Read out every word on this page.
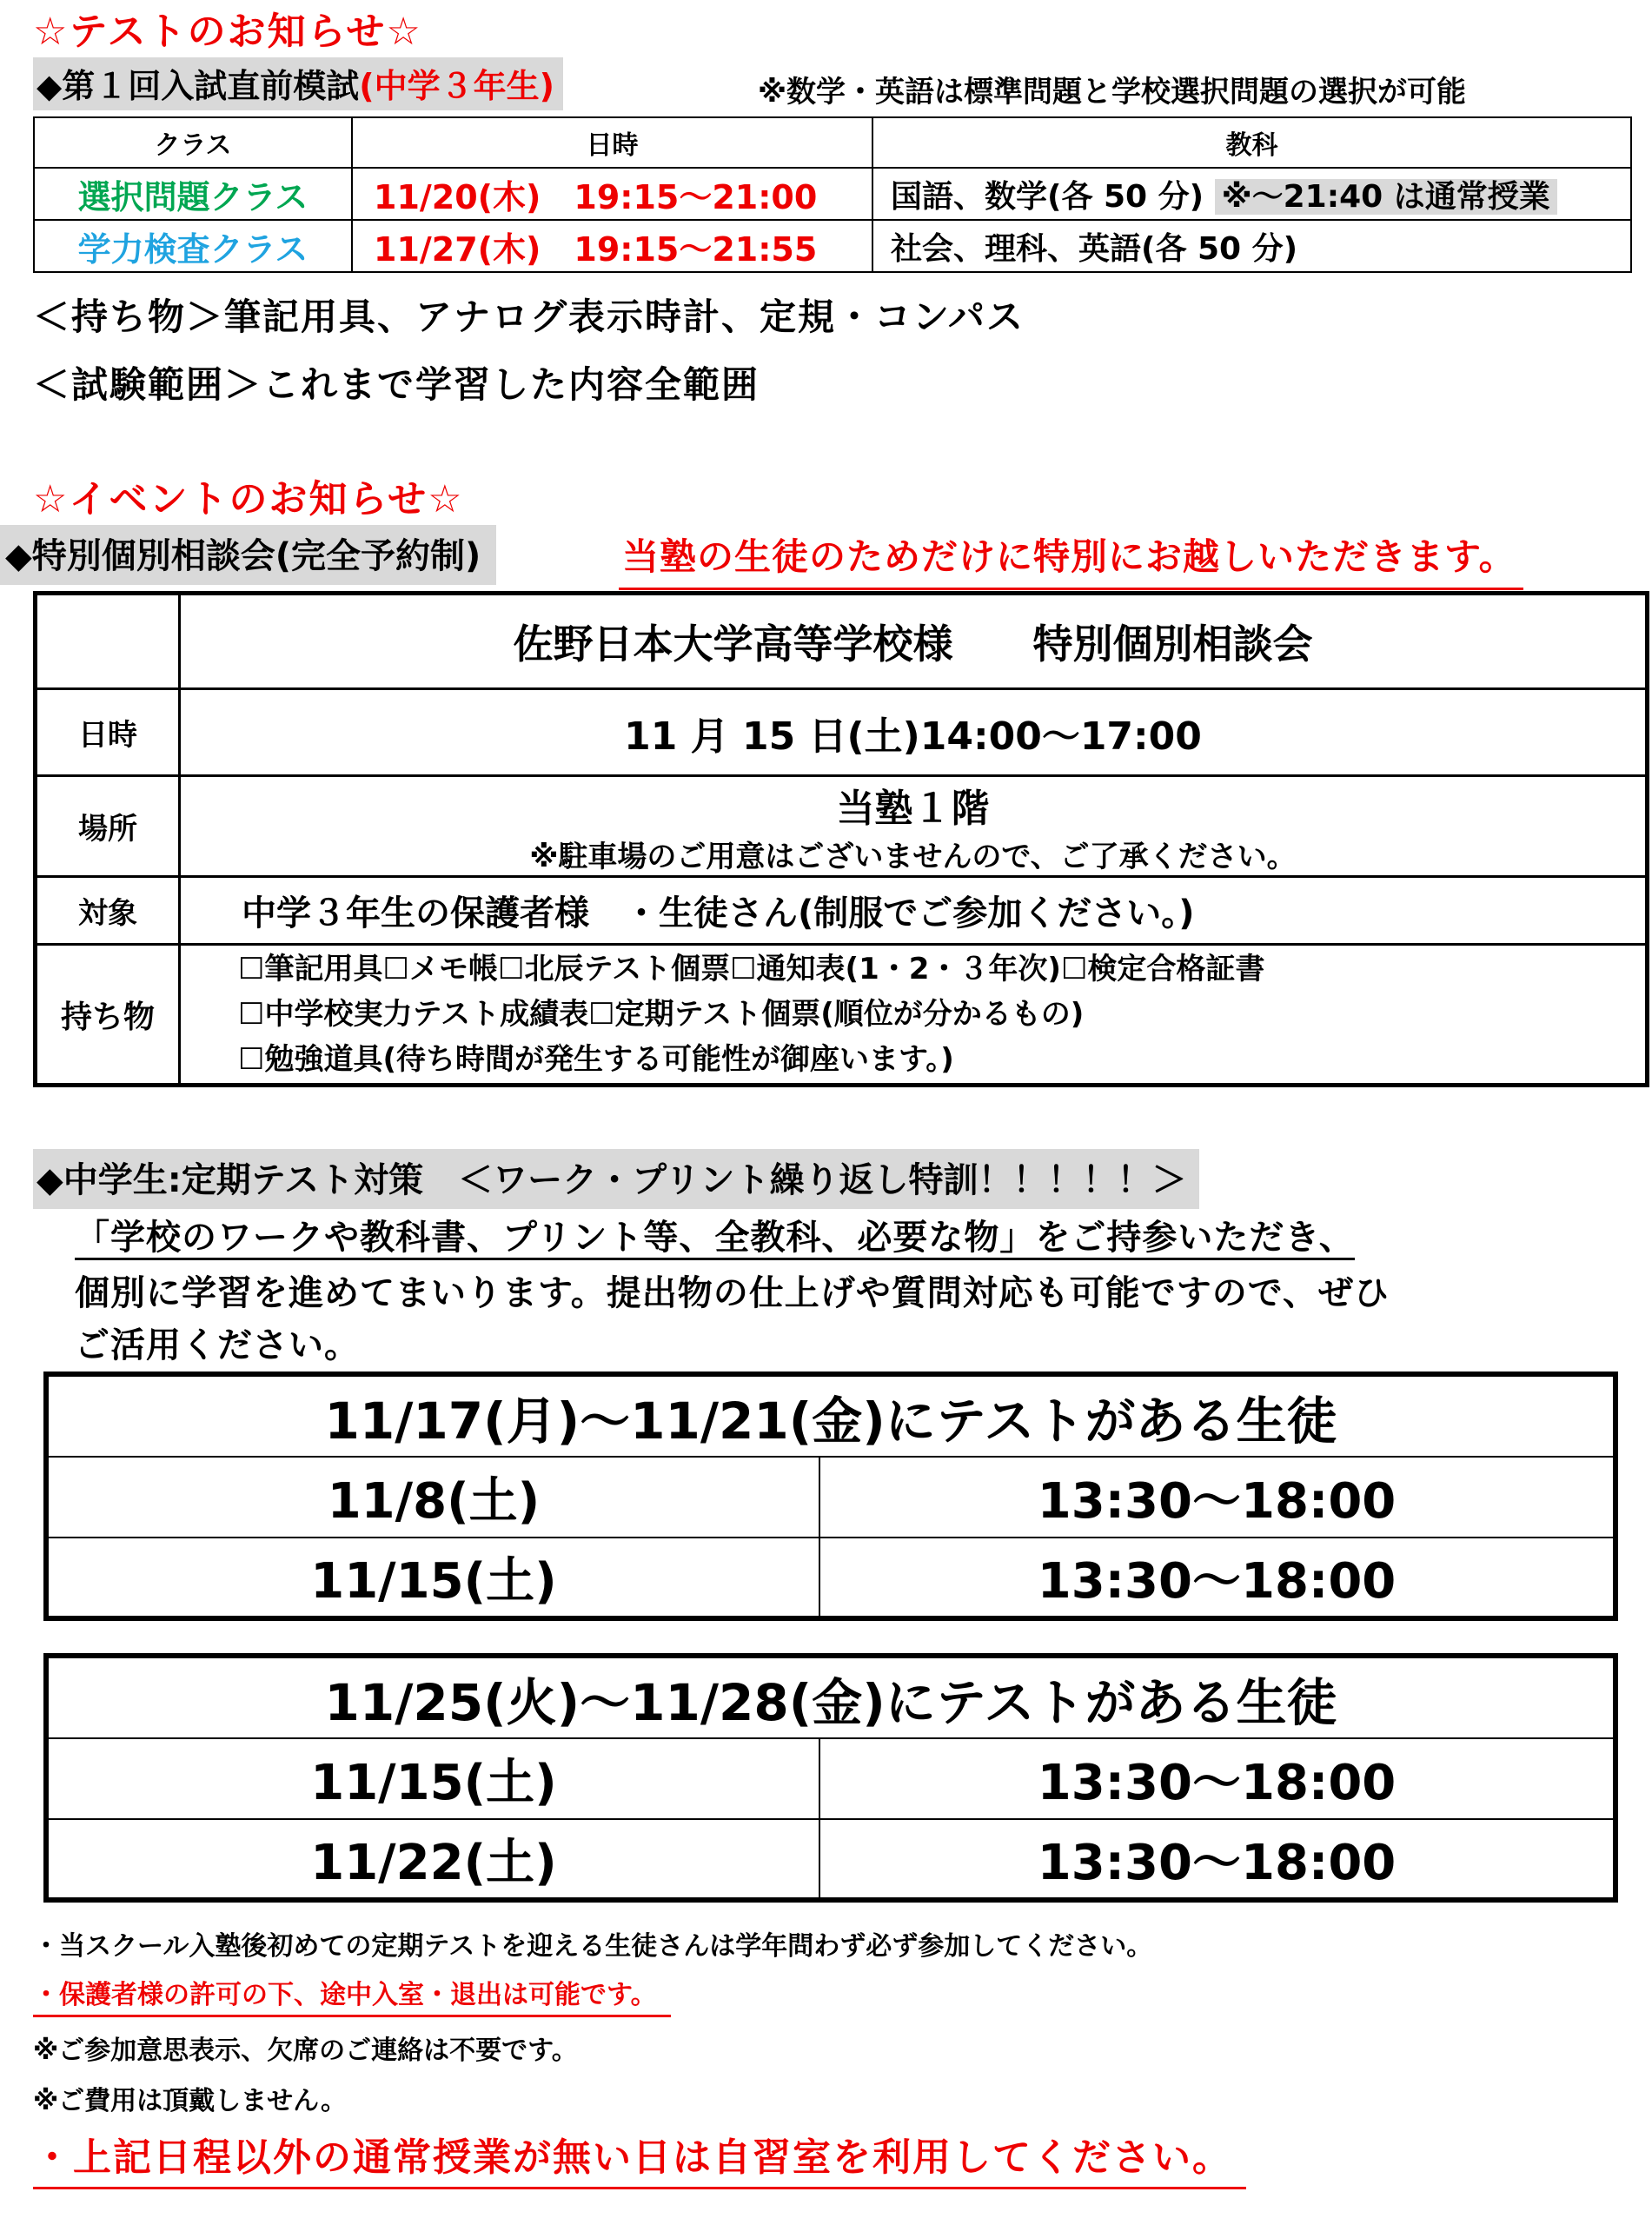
☆テストのお知らせ☆
◆第１回入試直前模試(中学３年生)	※数学・英語は標準問題と学校選択問題の選択が可能
クラス	日時	教科
選択問題クラス	11/20(木)　19:15～21:00	国語、数学(各 50 分) ※～21:40 は通常授業
学力検査クラス	11/27(木)　19:15～21:55	社会、理科、英語(各 50 分)
＜持ち物＞筆記用具、アナログ表示時計、定規・コンパス
＜試験範囲＞これまで学習した内容全範囲
☆イベントのお知らせ☆
◆特別個別相談会(完全予約制)	当塾の生徒のためだけに特別にお越しいただきます。
	佐野日本大学高等学校様　　特別個別相談会
日時	11 月 15 日(土)14:00～17:00
場所	当塾１階
※駐車場のご用意はございませんので、ご了承ください。

対象	中学３年生の保護者様　・生徒さん(制服でご参加ください。)
持ち物	☐筆記用具☐メモ帳☐北辰テスト個票☐通知表(1・2・３年次)☐検定合格証書
☐中学校実力テスト成績表☐定期テスト個票(順位が分かるもの)
☐勉強道具(待ち時間が発生する可能性が御座います。)
◆中学生:定期テスト対策　＜ワーク・プリント繰り返し特訓！！！！！＞
「学校のワークや教科書、プリント等、全教科、必要な物」をご持参いただき、
個別に学習を進めてまいります。提出物の仕上げや質問対応も可能ですので、ぜひ
ご活用ください。
11/17(月)～11/21(金)にテストがある生徒	
11/8(土)	13:30～18:00
11/15(土)	13:30～18:00
11/25(火)～11/28(金)にテストがある生徒	
11/15(土)	13:30～18:00
11/22(土)	13:30～18:00
・当スクール入塾後初めての定期テストを迎える生徒さんは学年問わず必ず参加してください。
・保護者様の許可の下、途中入室・退出は可能です。
※ご参加意思表示、欠席のご連絡は不要です。
※ご費用は頂戴しません。
・上記日程以外の通常授業が無い日は自習室を利用してください。
